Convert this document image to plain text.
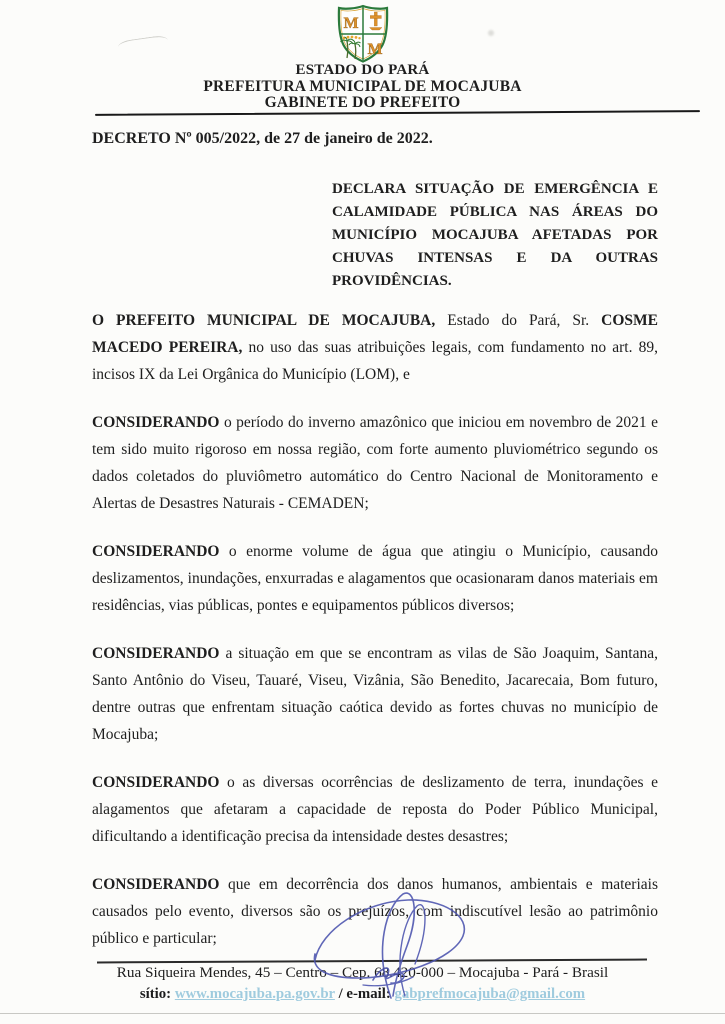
M
M
ESTADO DO PARÁ
PREFEITURA MUNICIPAL DE MOCAJUBA
GABINETE DO PREFEITO

DECRETO Nº 005/2022, de 27 de janeiro de 2022.

DECLARA SITUAÇÃO DE EMERGÊNCIA E CALAMIDADE PÚBLICA NAS ÁREAS DO MUNICÍPIO MOCAJUBA AFETADAS POR CHUVAS INTENSAS E DA OUTRAS PROVIDÊNCIAS.

O PREFEITO MUNICIPAL DE MOCAJUBA, Estado do Pará, Sr. COSME MACEDO PEREIRA, no uso das suas atribuições legais, com fundamento no art. 89, incisos IX da Lei Orgânica do Município (LOM), e

CONSIDERANDO o período do inverno amazônico que iniciou em novembro de 2021 e tem sido muito rigoroso em nossa região, com forte aumento pluviométrico segundo os dados coletados do pluviômetro automático do Centro Nacional de Monitoramento e Alertas de Desastres Naturais - CEMADEN;

CONSIDERANDO o enorme volume de água que atingiu o Município, causando deslizamentos, inundações, enxurradas e alagamentos que ocasionaram danos materiais em residências, vias públicas, pontes e equipamentos públicos diversos;

CONSIDERANDO a situação em que se encontram as vilas de São Joaquim, Santana, Santo Antônio do Viseu, Tauaré, Viseu, Vizânia, São Benedito, Jacarecaia, Bom futuro, dentre outras que enfrentam situação caótica devido as fortes chuvas no município de Mocajuba;

CONSIDERANDO o as diversas ocorrências de deslizamento de terra, inundações e alagamentos que afetaram a capacidade de reposta do Poder Público Municipal, dificultando a identificação precisa da intensidade destes desastres;

CONSIDERANDO que em decorrência dos danos humanos, ambientais e materiais causados pelo evento, diversos são os prejuízos, com indiscutível lesão ao patrimônio público e particular;

Rua Siqueira Mendes, 45 – Centro – Cep. 68.420-000 – Mocajuba - Pará - Brasil
sítio: www.mocajuba.pa.gov.br / e-mail: gabprefmocajuba@gmail.com
